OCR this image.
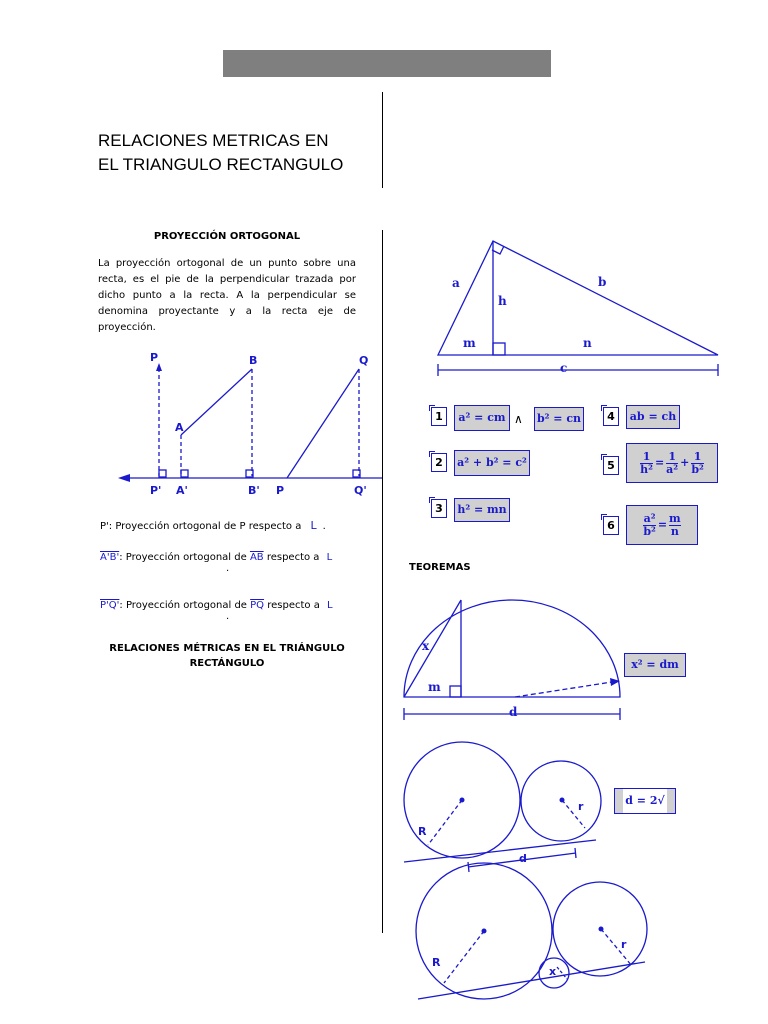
RELACIONES METRICAS EN
EL TRIANGULO RECTANGULO
PROYECCIÓN ORTOGONAL
La proyección ortogonal de un punto sobre una recta, es el pie de la perpendicular trazada por dicho punto a la recta. A la perpendicular se denomina proyectante y a la recta eje de proyección.
P	B	Q
A
P' A'	B' P	Q'
a	b
h
m	n
c
x
m
d
R
r
d
R
r
x
P': Proyección ortogonal de P respecto a L .
A'B': Proyección ortogonal de $\overline{AB}$ respecto a L
.
P'Q': Proyección ortogonal de $\overline{PQ}$ respecto a L
.
RELACIONES MÉTRICAS EN EL TRIÁNGULO
RECTÁNGULO
1	a² = cm ∧ b² = cn
2	a² + b² = c²
3	h² = mn
4	ab = ch
5	$\frac{1}{\text{h²}} = \frac{1}{\text{a²}} + \frac{1}{\text{b²}}$
6	$\frac{\text{a²}}{\text{b²}} = \frac{m}{n}$
TEOREMAS
x² = dm
d = 2√
